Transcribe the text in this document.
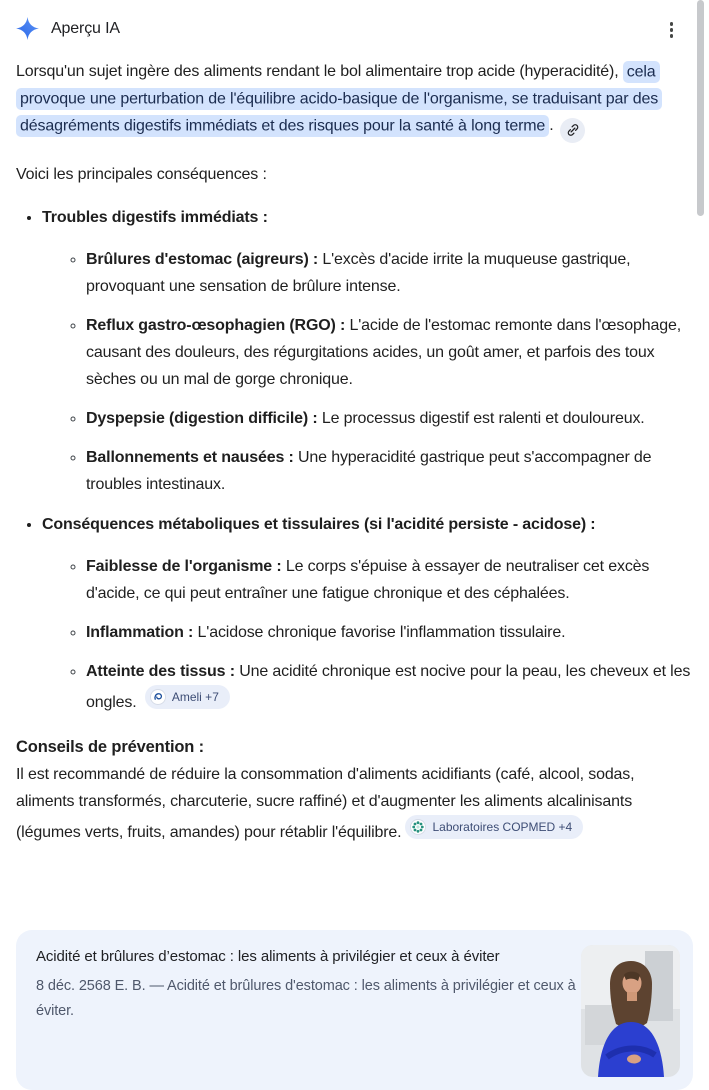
Aperçu IA

Lorsqu'un sujet ingère des aliments rendant le bol alimentaire trop acide (hyperacidité), cela provoque une perturbation de l'équilibre acido-basique de l'organisme, se traduisant par des désagréments digestifs immédiats et des risques pour la santé à long terme .

Voici les principales conséquences :

• Troubles digestifs immédiats :
◦ Brûlures d'estomac (aigreurs) : L'excès d'acide irrite la muqueuse gastrique, provoquant une sensation de brûlure intense.
◦ Reflux gastro-œsophagien (RGO) : L'acide de l'estomac remonte dans l'œsophage, causant des douleurs, des régurgitations acides, un goût amer, et parfois des toux sèches ou un mal de gorge chronique.
◦ Dyspepsie (digestion difficile) : Le processus digestif est ralenti et douloureux.
◦ Ballonnements et nausées : Une hyperacidité gastrique peut s'accompagner de troubles intestinaux.
• Conséquences métaboliques et tissulaires (si l'acidité persiste - acidose) :
◦ Faiblesse de l'organisme : Le corps s'épuise à essayer de neutraliser cet excès d'acide, ce qui peut entraîner une fatigue chronique et des céphalées.
◦ Inflammation : L'acidose chronique favorise l'inflammation tissulaire.
◦ Atteinte des tissus : Une acidité chronique est nocive pour la peau, les cheveux et les ongles.	Ameli +7
Conseils de prévention :

Il est recommandé de réduire la consommation d'aliments acidifiants (café, alcool, sodas, aliments transformés, charcuterie, sucre raffiné) et d'augmenter les aliments alcalinisants (légumes verts, fruits, amandes) pour rétablir l'équilibre.	Laboratoires COPMED +4

Acidité et brûlures d’estomac : les aliments à privilégier et ceux à éviter
8 déc. 2568 E. B. — Acidité et brûlures d'estomac : les aliments à privilégier et ceux à éviter.
